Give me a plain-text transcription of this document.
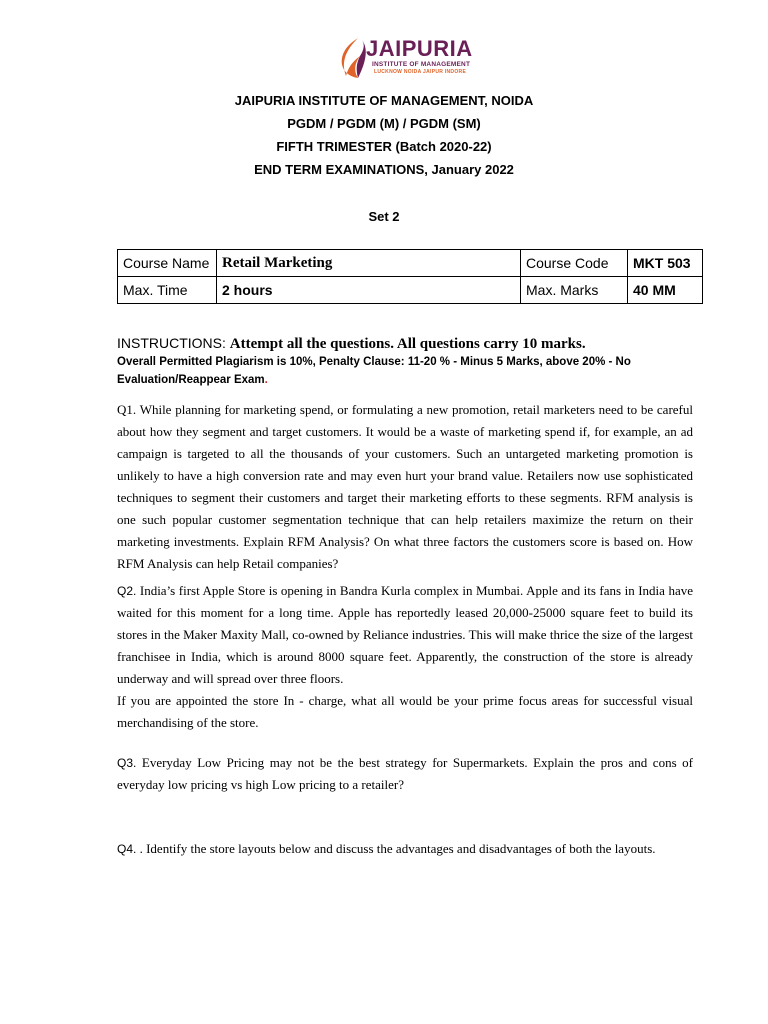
JAIPURIA
INSTITUTE OF MANAGEMENT
LUCKNOW NOIDA JAIPUR INDORE
JAIPURIA INSTITUTE OF MANAGEMENT, NOIDA
PGDM / PGDM (M) / PGDM (SM)
FIFTH TRIMESTER (Batch 2020-22)
END TERM EXAMINATIONS, January 2022
Set 2
Course Name	Retail Marketing	Course Code	MKT 503
Max. Time	2 hours	Max. Marks	40 MM
INSTRUCTIONS: Attempt all the questions. All questions carry 10 marks.
Overall Permitted Plagiarism is 10%, Penalty Clause: 11-20 % - Minus 5 Marks, above 20% - No Evaluation/Reappear Exam.

Q1. While planning for marketing spend, or formulating a new promotion, retail marketers need to be careful about how they segment and target customers. It would be a waste of marketing spend if, for example, an ad campaign is targeted to all the thousands of your customers. Such an untargeted marketing promotion is unlikely to have a high conversion rate and may even hurt your brand value. Retailers now use sophisticated techniques to segment their customers and target their marketing efforts to these segments. RFM analysis is one such popular customer segmentation technique that can help retailers maximize the return on their marketing investments. Explain RFM Analysis? On what three factors the customers score is based on. How RFM Analysis can help Retail companies?

Q2. India’s first Apple Store is opening in Bandra Kurla complex in Mumbai. Apple and its fans in India have waited for this moment for a long time. Apple has reportedly leased 20,000-25000 square feet to build its stores in the Maker Maxity Mall, co-owned by Reliance industries. This will make thrice the size of the largest franchisee in India, which is around 8000 square feet. Apparently, the construction of the store is already underway and will spread over three floors.

If you are appointed the store In - charge, what all would be your prime focus areas for successful visual merchandising of the store.

Q3. Everyday Low Pricing may not be the best strategy for Supermarkets. Explain the pros and cons of everyday low pricing vs high Low pricing to a retailer?

Q4. . Identify the store layouts below and discuss the advantages and disadvantages of both the layouts.
